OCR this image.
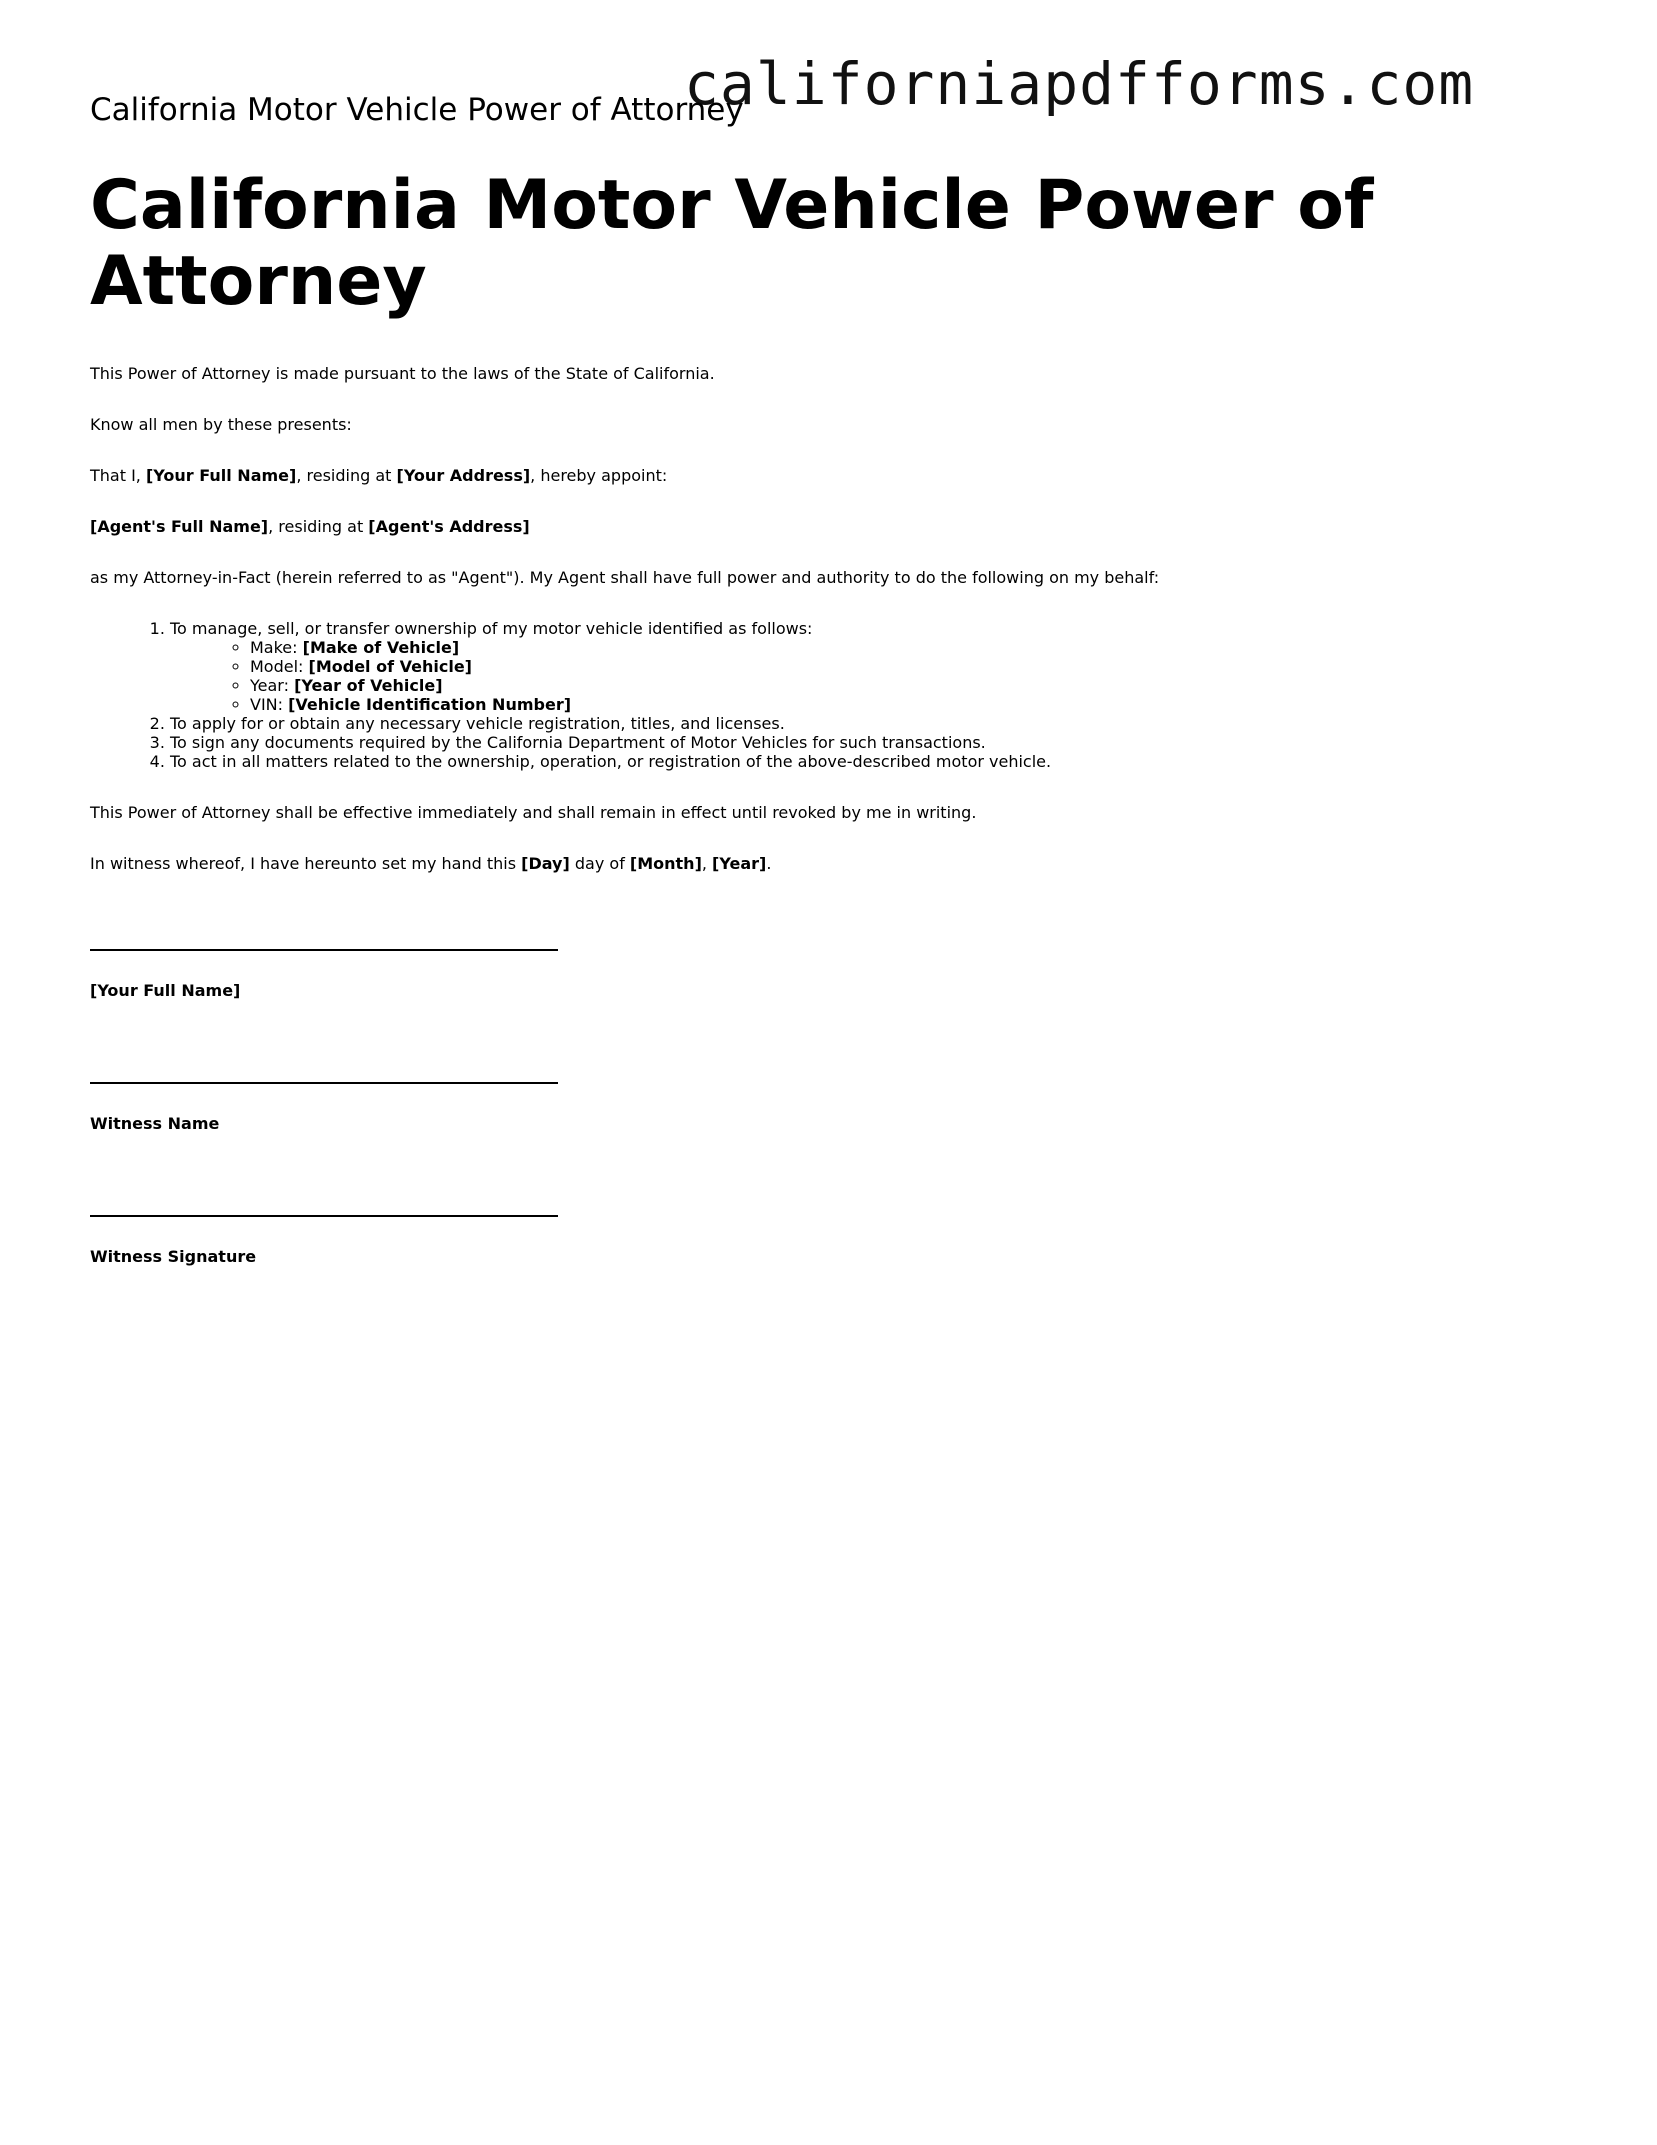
californiapdfforms.com
California Motor Vehicle Power of Attorney
California Motor Vehicle Power of Attorney

This Power of Attorney is made pursuant to the laws of the State of California.

Know all men by these presents:

That I, [Your Full Name], residing at [Your Address], hereby appoint:

[Agent's Full Name], residing at [Agent's Address]

as my Attorney-in-Fact (herein referred to as "Agent"). My Agent shall have full power and authority to do the following on my behalf:

1. To manage, sell, or transfer ownership of my motor vehicle identified as follows:
◦ Make: [Make of Vehicle]
◦ Model: [Model of Vehicle]
◦ Year: [Year of Vehicle]
◦ VIN: [Vehicle Identification Number]
2. To apply for or obtain any necessary vehicle registration, titles, and licenses.
3. To sign any documents required by the California Department of Motor Vehicles for such transactions.
4. To act in all matters related to the ownership, operation, or registration of the above-described motor vehicle.

This Power of Attorney shall be effective immediately and shall remain in effect until revoked by me in writing.

In witness whereof, I have hereunto set my hand this [Day] day of [Month], [Year].

[Your Full Name]
Witness Name
Witness Signature
